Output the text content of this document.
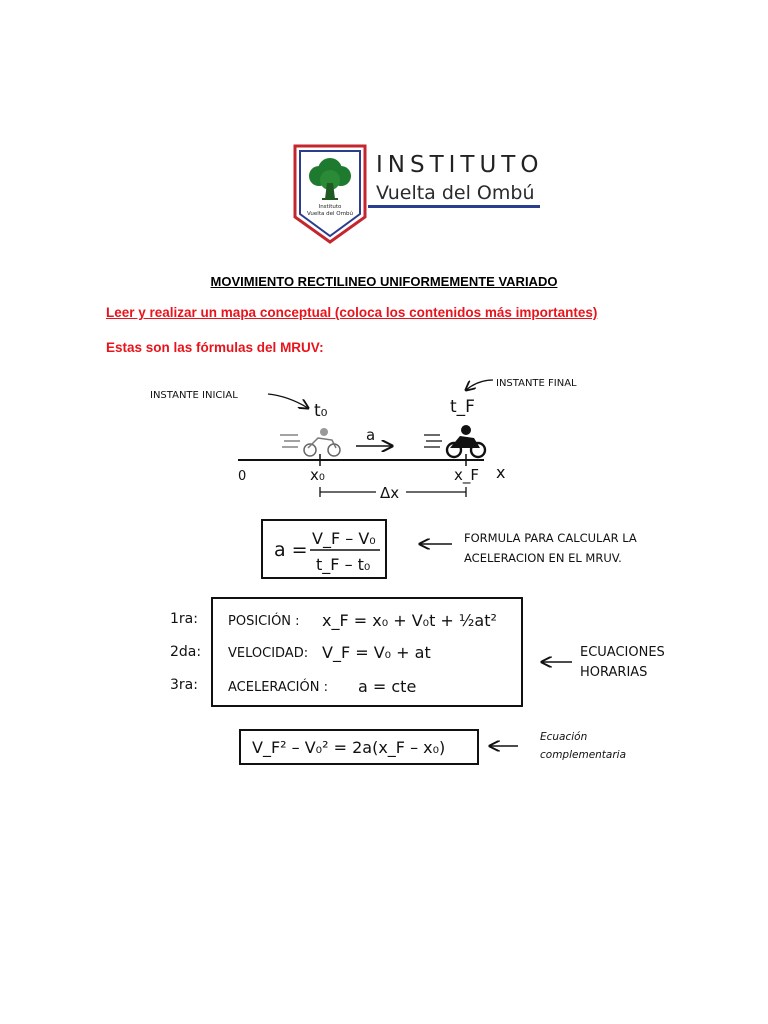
Instituto
Vuelta del Ombú
INSTITUTO
Vuelta del Ombú
MOVIMIENTO RECTILINEO UNIFORMEMENTE VARIADO
Leer y realizar un mapa conceptual (coloca los contenidos más importantes)
Estas son las fórmulas del MRUV:
INSTANTE INICIAL
t₀
INSTANTE FINAL
t_F
a
0	x₀	x_F x
Δx
a =
V_F – V₀
t_F – t₀
FORMULA PARA CALCULAR LA
ACELERACION EN EL MRUV.
1ra: POSICIÓN : x_F = x₀ + V₀t + ½at²
2da: VELOCIDAD: V_F = V₀ + at
3ra: ACELERACIÓN : a = cte
ECUACIONES
HORARIAS
V_F² – V₀² = 2a(x_F – x₀)
Ecuación
complementaria
